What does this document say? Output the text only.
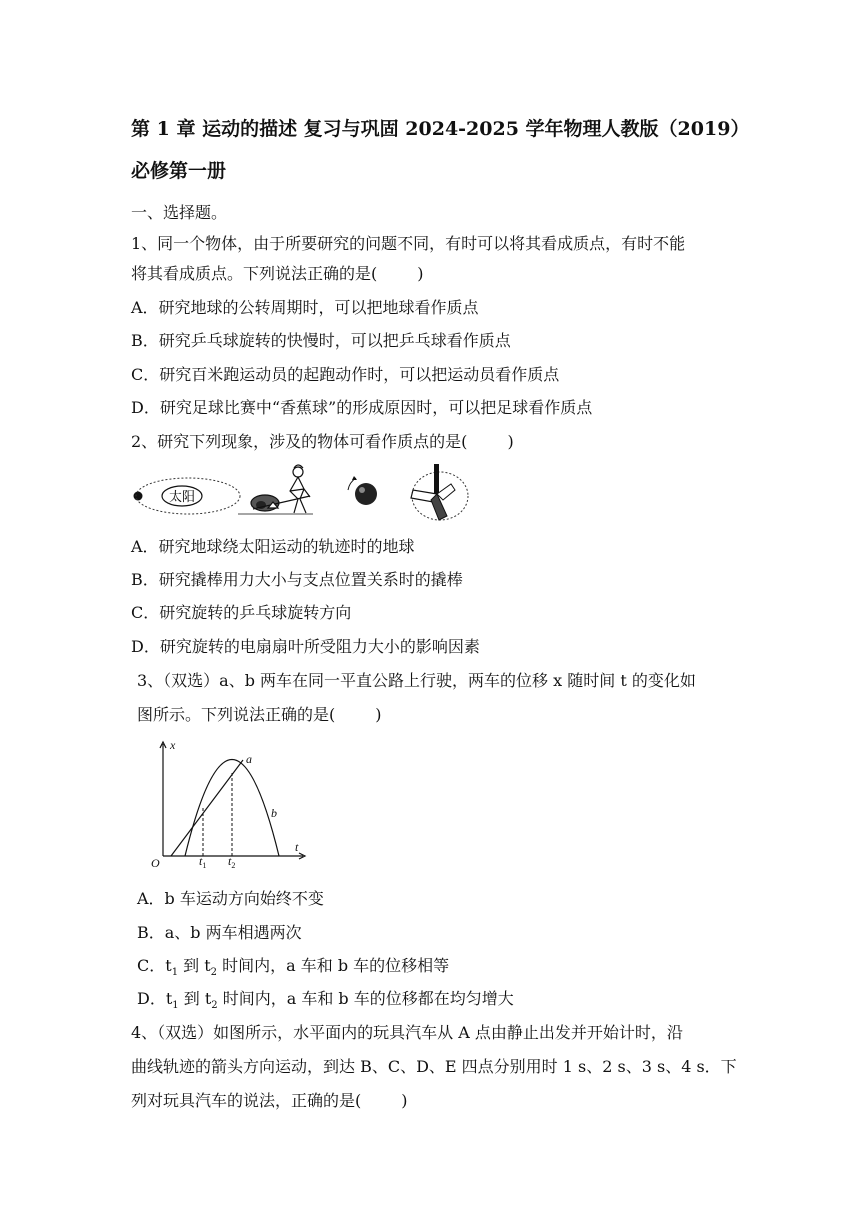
第 1 章 运动的描述 复习与巩固 2024-2025 学年物理人教版（2019）
必修第一册
一、选择题。
1、同一个物体，由于所要研究的问题不同，有时可以将其看成质点，有时不能
将其看成质点。下列说法正确的是(	)
A．研究地球的公转周期时，可以把地球看作质点
B．研究乒乓球旋转的快慢时，可以把乒乓球看作质点
C．研究百米跑运动员的起跑动作时，可以把运动员看作质点
D．研究足球比赛中“香蕉球”的形成原因时，可以把足球看作质点
2、研究下列现象，涉及的物体可看作质点的是(	)
太阳
A．研究地球绕太阳运动的轨迹时的地球
B．研究撬棒用力大小与支点位置关系时的撬棒
C．研究旋转的乒乓球旋转方向
D．研究旋转的电扇扇叶所受阻力大小的影响因素
3、（双选）a、b 两车在同一平直公路上行驶，两车的位移 x 随时间 t 的变化如
图所示。下列说法正确的是(	)
x
t
O
a
b
$t_1$ $t_2$
A．b 车运动方向始终不变
B．a、b 两车相遇两次
C．$t_1$ 到 $t_2$ 时间内，a 车和 b 车的位移相等
D．$t_1$ 到 $t_2$ 时间内，a 车和 b 车的位移都在均匀增大
4、（双选）如图所示，水平面内的玩具汽车从 A 点由静止出发并开始计时，沿
曲线轨迹的箭头方向运动，到达 B、C、D、E 四点分别用时 1 s、2 s、3 s、4 s．下
列对玩具汽车的说法，正确的是(	)
